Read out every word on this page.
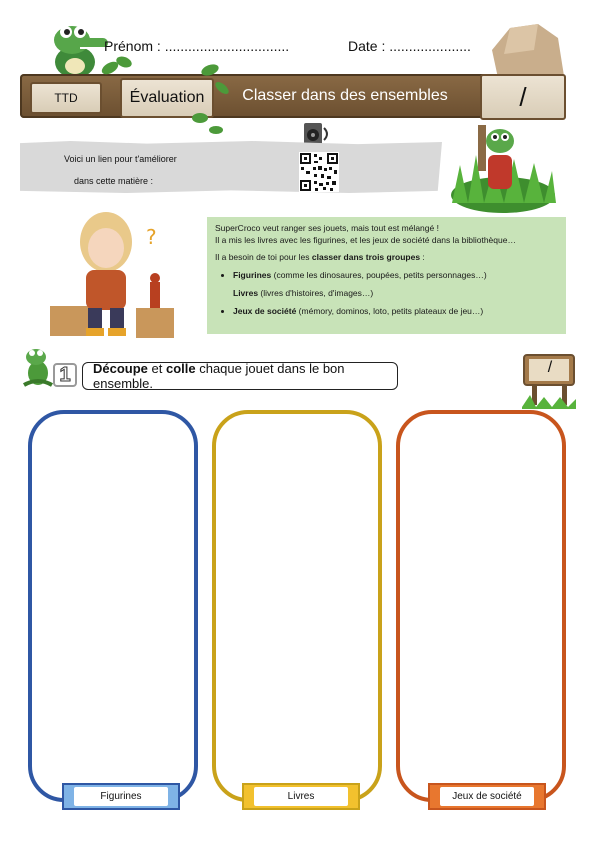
Prénom : ................................	Date : .....................
TTD	Évaluation	Classer dans des ensembles	/
Voici un lien pour t'améliorer
dans cette matière :
?	SuperCroco veut ranger ses jouets, mais tout est mélangé !
Il a mis les livres avec les figurines, et les jeux de société dans la bibliothèque…
Il a besoin de toi pour les classer dans trois groupes :
• Figurines (comme les dinosaures, poupées, petits personnages…)
Livres (livres d'histoires, d'images…)
• Jeux de société (mémory, dominos, loto, petits plateaux de jeu…)
1	Découpe et colle chaque jouet dans le bon ensemble.
/
Figurines	Livres	Jeux de société
